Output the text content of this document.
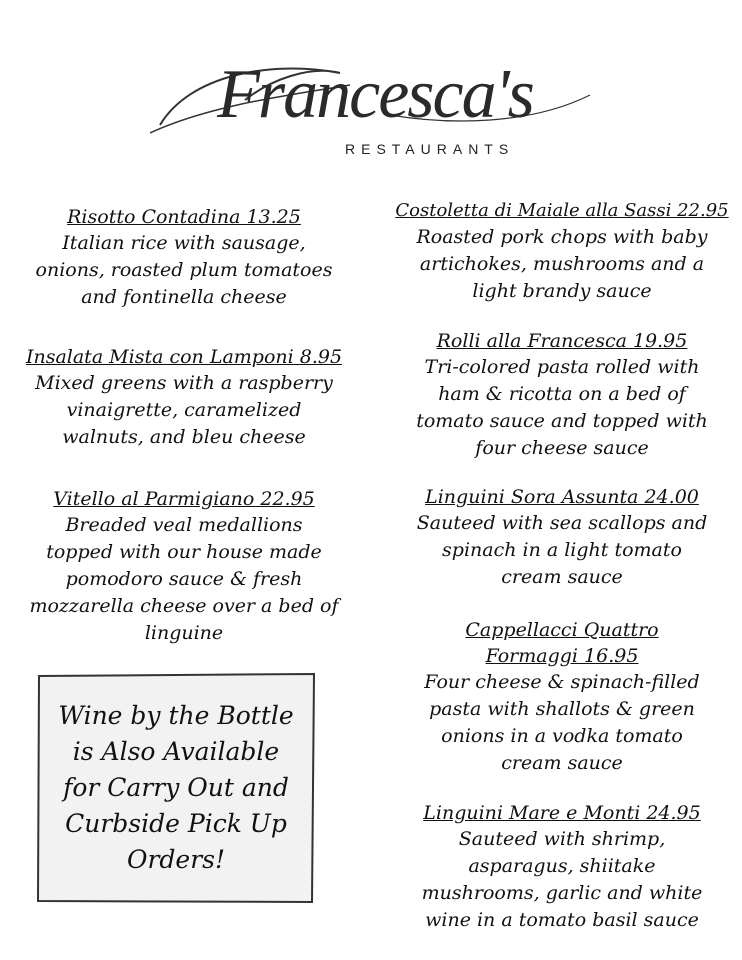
Francesca's
RESTAURANTS
Risotto Contadina 13.25
Italian rice with sausage,
onions, roasted plum tomatoes
and fontinella cheese
Insalata Mista con Lamponi 8.95
Mixed greens with a raspberry
vinaigrette, caramelized
walnuts, and bleu cheese
Vitello al Parmigiano 22.95
Breaded veal medallions
topped with our house made
pomodoro sauce & fresh
mozzarella cheese over a bed of
linguine
Wine by the Bottle
is Also Available
for Carry Out and
Curbside Pick Up
Orders!
Costoletta di Maiale alla Sassi 22.95
Roasted pork chops with baby
artichokes, mushrooms and a
light brandy sauce
Rolli alla Francesca 19.95
Tri-colored pasta rolled with
ham & ricotta on a bed of
tomato sauce and topped with
four cheese sauce
Linguini Sora Assunta 24.00
Sauteed with sea scallops and
spinach in a light tomato
cream sauce
Cappellacci Quattro
Formaggi 16.95
Four cheese & spinach-filled
pasta with shallots & green
onions in a vodka tomato
cream sauce
Linguini Mare e Monti 24.95
Sauteed with shrimp,
asparagus, shiitake
mushrooms, garlic and white
wine in a tomato basil sauce
